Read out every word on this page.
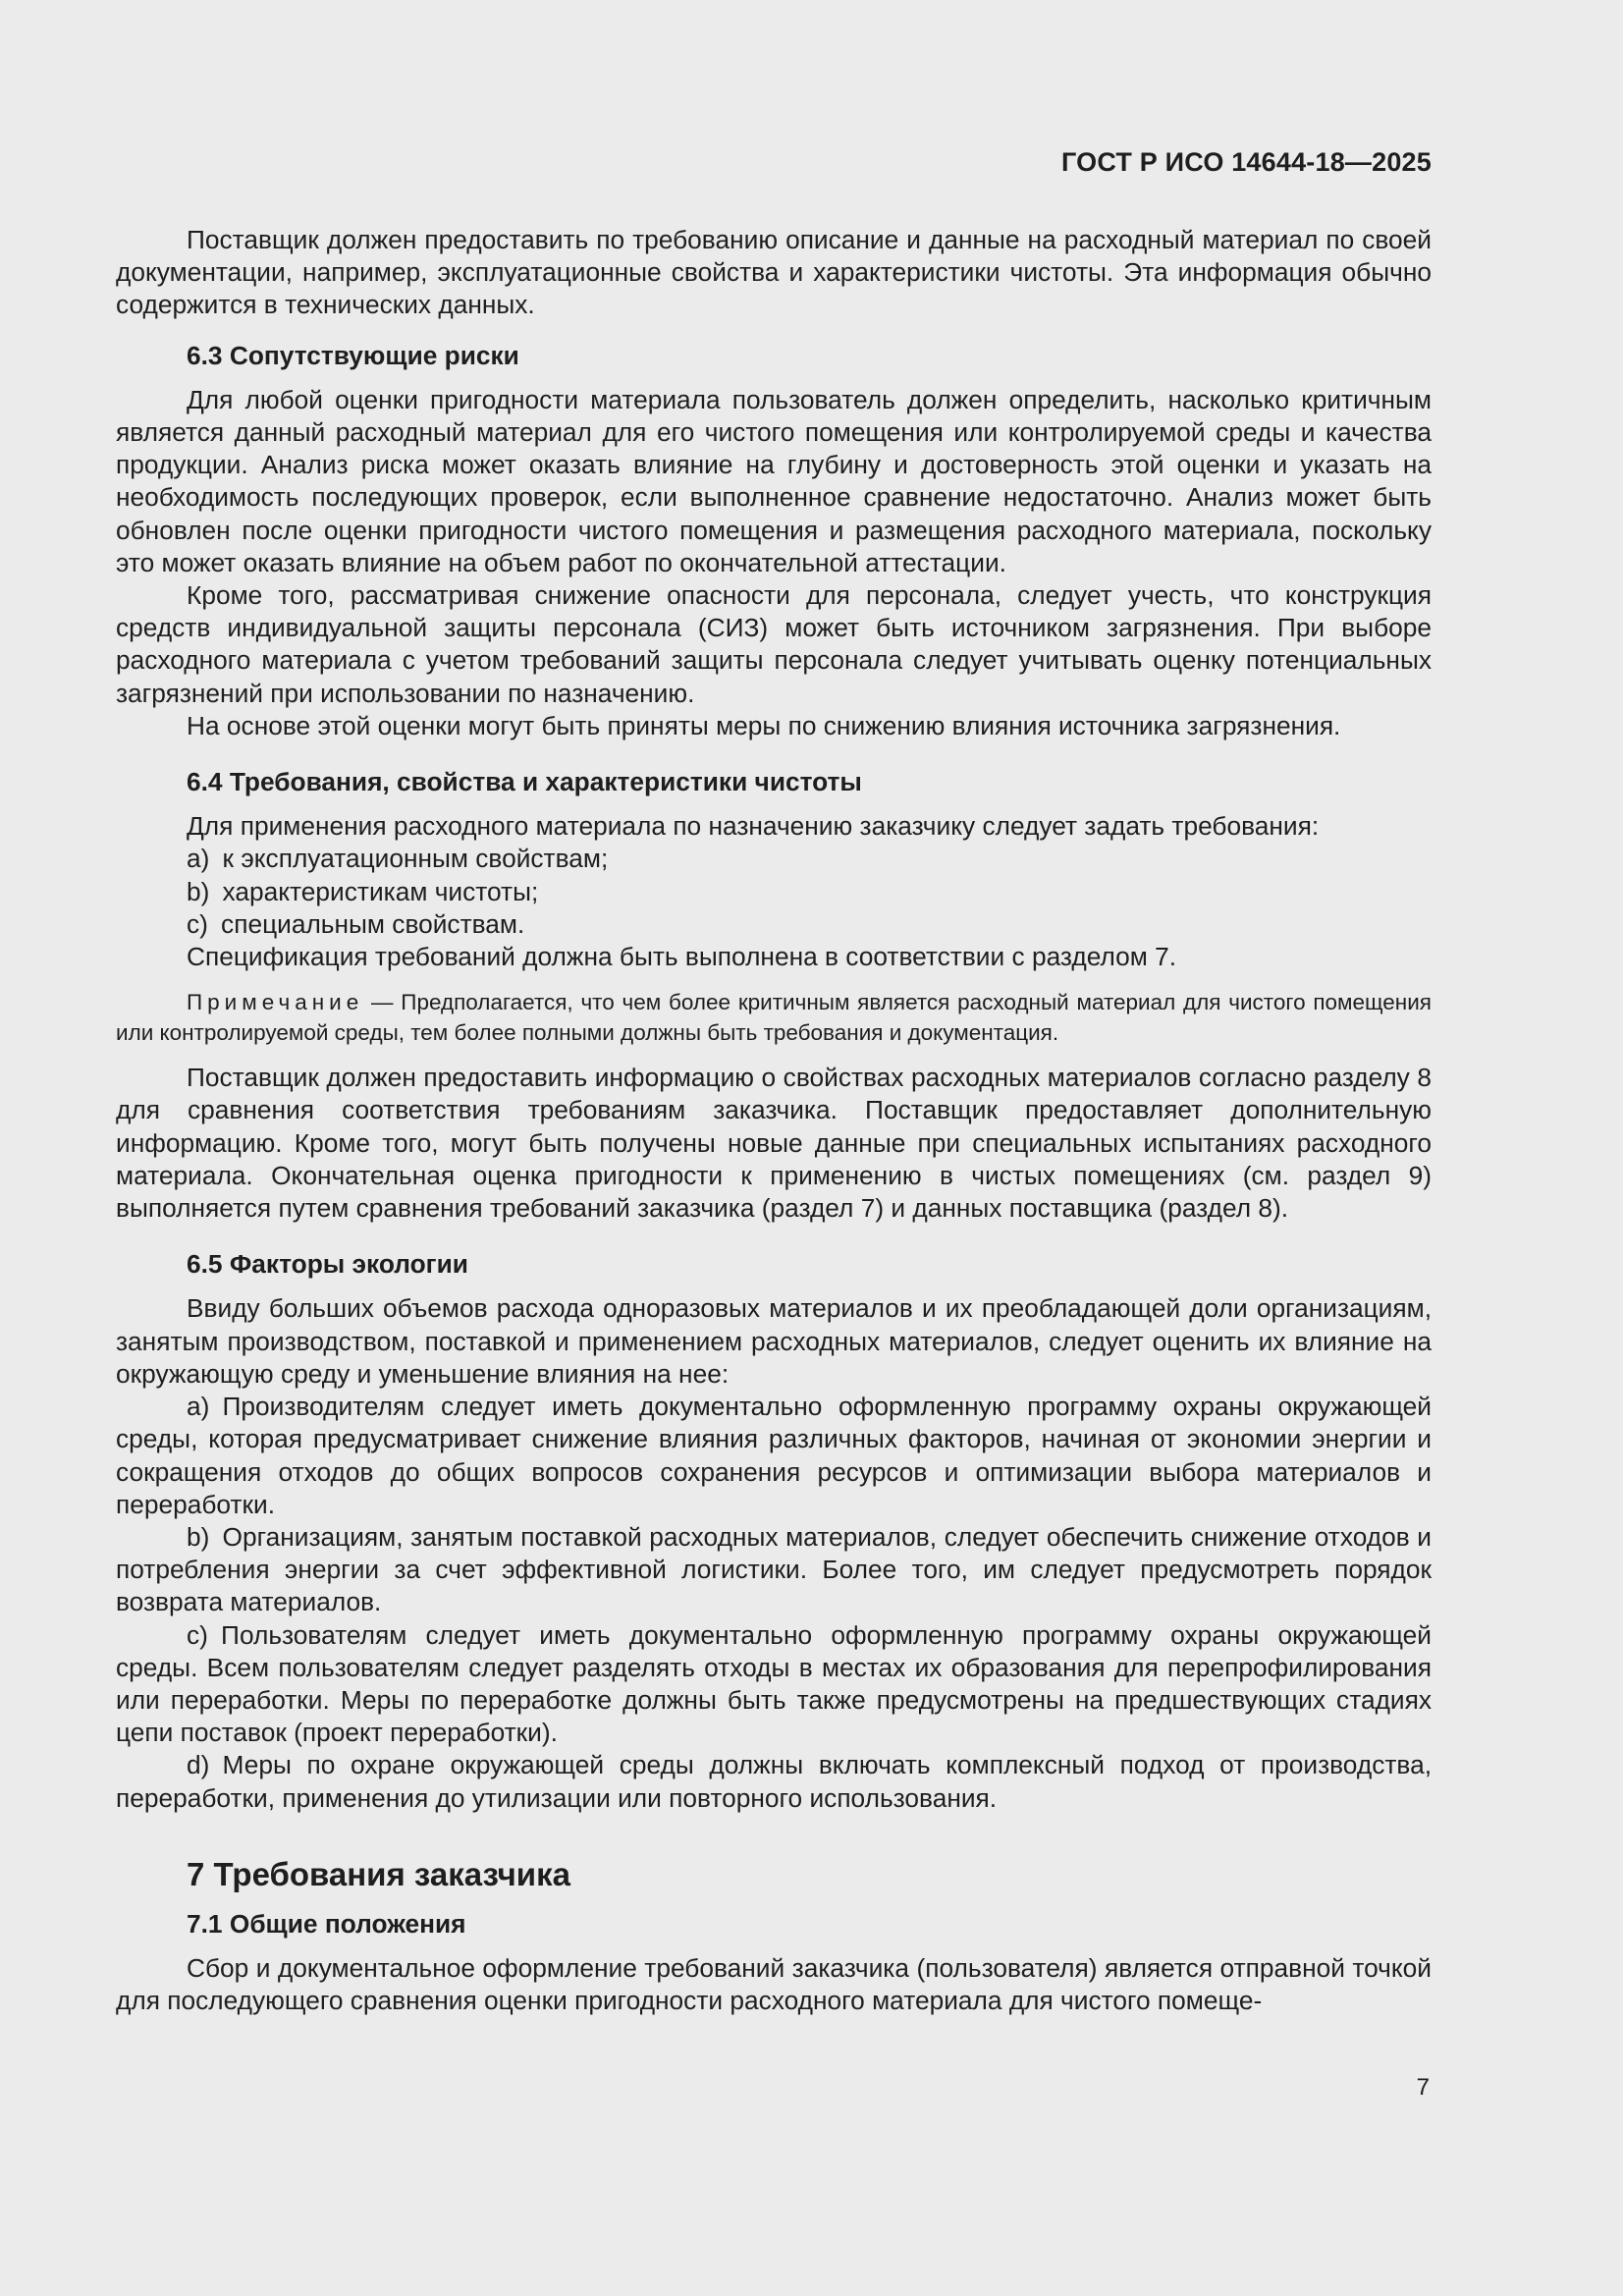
ГОСТ Р ИСО 14644-18—2025

Поставщик должен предоставить по требованию описание и данные на расходный материал по своей документации, например, эксплуатационные свойства и характеристики чистоты. Эта информация обычно содержится в технических данных.

6.3 Сопутствующие риски

Для любой оценки пригодности материала пользователь должен определить, насколько критичным является данный расходный материал для его чистого помещения или контролируемой среды и качества продукции. Анализ риска может оказать влияние на глубину и достоверность этой оценки и указать на необходимость последующих проверок, если выполненное сравнение недостаточно. Анализ может быть обновлен после оценки пригодности чистого помещения и размещения расходного материала, поскольку это может оказать влияние на объем работ по окончательной аттестации.

Кроме того, рассматривая снижение опасности для персонала, следует учесть, что конструкция средств индивидуальной защиты персонала (СИЗ) может быть источником загрязнения. При выборе расходного материала с учетом требований защиты персонала следует учитывать оценку потенциальных загрязнений при использовании по назначению.

На основе этой оценки могут быть приняты меры по снижению влияния источника загрязнения.

6.4 Требования, свойства и характеристики чистоты

Для применения расходного материала по назначению заказчику следует задать требования:

а) к эксплуатационным свойствам;

b) характеристикам чистоты;

с) специальным свойствам.

Спецификация требований должна быть выполнена в соответствии с разделом 7.

Примечание — Предполагается, что чем более критичным является расходный материал для чистого помещения или контролируемой среды, тем более полными должны быть требования и документация.

Поставщик должен предоставить информацию о свойствах расходных материалов согласно разделу 8 для сравнения соответствия требованиям заказчика. Поставщик предоставляет дополнительную информацию. Кроме того, могут быть получены новые данные при специальных испытаниях расходного материала. Окончательная оценка пригодности к применению в чистых помещениях (см. раздел 9) выполняется путем сравнения требований заказчика (раздел 7) и данных поставщика (раздел 8).

6.5 Факторы экологии

Ввиду больших объемов расхода одноразовых материалов и их преобладающей доли организациям, занятым производством, поставкой и применением расходных материалов, следует оценить их влияние на окружающую среду и уменьшение влияния на нее:

а) Производителям следует иметь документально оформленную программу охраны окружающей среды, которая предусматривает снижение влияния различных факторов, начиная от экономии энергии и сокращения отходов до общих вопросов сохранения ресурсов и оптимизации выбора материалов и переработки.

b) Организациям, занятым поставкой расходных материалов, следует обеспечить снижение отходов и потребления энергии за счет эффективной логистики. Более того, им следует предусмотреть порядок возврата материалов.

с) Пользователям следует иметь документально оформленную программу охраны окружающей среды. Всем пользователям следует разделять отходы в местах их образования для перепрофилирования или переработки. Меры по переработке должны быть также предусмотрены на предшествующих стадиях цепи поставок (проект переработки).

d) Меры по охране окружающей среды должны включать комплексный подход от производства, переработки, применения до утилизации или повторного использования.

7 Требования заказчика
7.1 Общие положения

Сбор и документальное оформление требований заказчика (пользователя) является отправной точкой для последующего сравнения оценки пригодности расходного материала для чистого помеще-

7
